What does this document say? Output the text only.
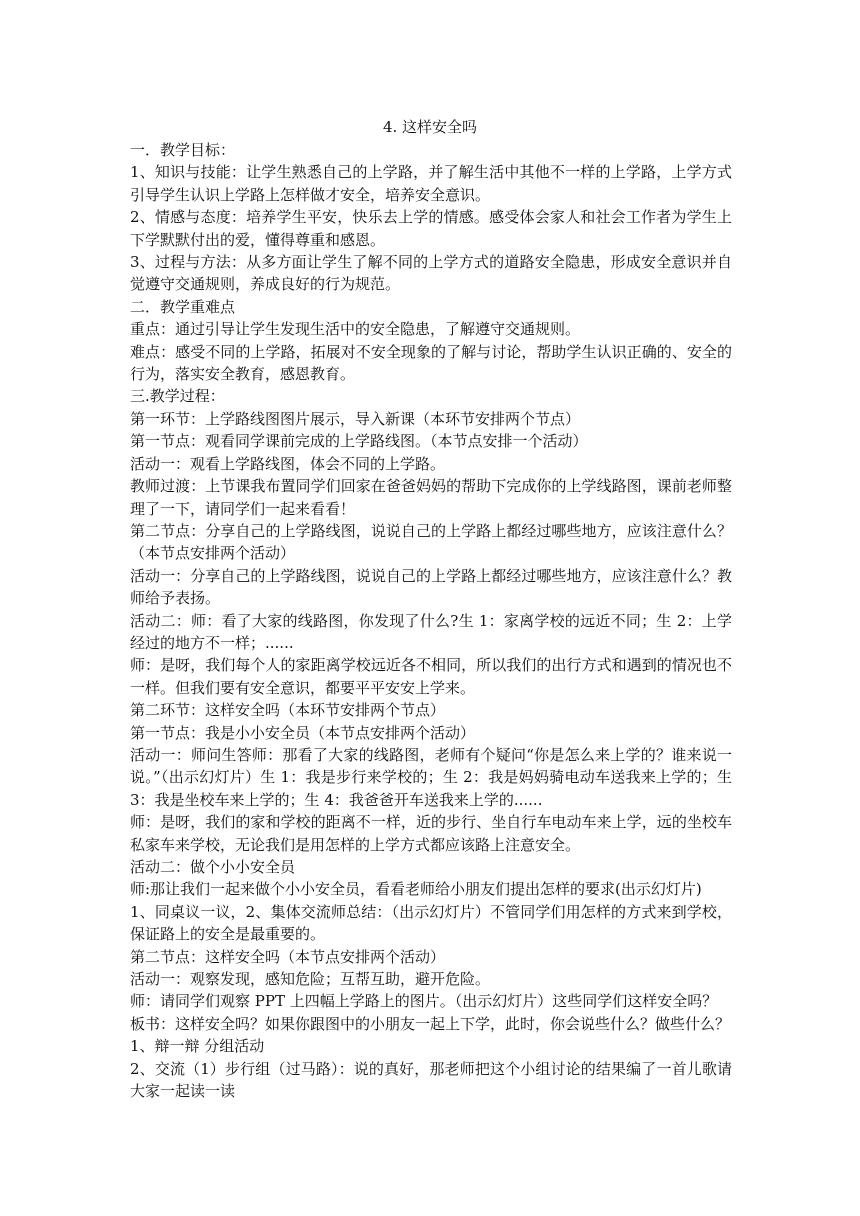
4. 这样安全吗

一．教学目标：

1、知识与技能：让学生熟悉自己的上学路，并了解生活中其他不一样的上学路，上学方式引导学生认识上学路上怎样做才安全，培养安全意识。

2、情感与态度：培养学生平安，快乐去上学的情感。感受体会家人和社会工作者为学生上下学默默付出的爱，懂得尊重和感恩。

3、过程与方法：从多方面让学生了解不同的上学方式的道路安全隐患，形成安全意识并自觉遵守交通规则，养成良好的行为规范。

二．教学重难点

重点：通过引导让学生发现生活中的安全隐患，了解遵守交通规则。

难点：感受不同的上学路，拓展对不安全现象的了解与讨论，帮助学生认识正确的、安全的行为，落实安全教育，感恩教育。

三.教学过程：

第一环节：上学路线图图片展示，导入新课（本环节安排两个节点）

第一节点：观看同学课前完成的上学路线图。（本节点安排一个活动）

活动一：观看上学路线图，体会不同的上学路。

教师过渡：上节课我布置同学们回家在爸爸妈妈的帮助下完成你的上学线路图，课前老师整理了一下，请同学们一起来看看！

第二节点：分享自己的上学路线图，说说自己的上学路上都经过哪些地方，应该注意什么？（本节点安排两个活动）

活动一：分享自己的上学路线图，说说自己的上学路上都经过哪些地方，应该注意什么？教师给予表扬。

活动二：师：看了大家的线路图，你发现了什么?生 1：家离学校的远近不同；生 2：上学经过的地方不一样；......

师：是呀，我们每个人的家距离学校远近各不相同，所以我们的出行方式和遇到的情况也不一样。但我们要有安全意识，都要平平安安上学来。

第二环节：这样安全吗（本环节安排两个节点）

第一节点：我是小小安全员（本节点安排两个活动）

活动一：师问生答师：那看了大家的线路图，老师有个疑问“你是怎么来上学的？谁来说一说。”（出示幻灯片）生 1：我是步行来学校的；生 2：我是妈妈骑电动车送我来上学的；生 3：我是坐校车来上学的；生 4：我爸爸开车送我来上学的......

师：是呀，我们的家和学校的距离不一样，近的步行、坐自行车电动车来上学，远的坐校车私家车来学校，无论我们是用怎样的上学方式都应该路上注意安全。

活动二：做个小小安全员

师:那让我们一起来做个小小安全员，看看老师给小朋友们提出怎样的要求(出示幻灯片)

1、同桌议一议，2、集体交流师总结：（出示幻灯片）不管同学们用怎样的方式来到学校，保证路上的安全是最重要的。

第二节点：这样安全吗（本节点安排两个活动）

活动一：观察发现，感知危险；互帮互助，避开危险。

师：请同学们观察 PPT 上四幅上学路上的图片。（出示幻灯片）这些同学们这样安全吗？

板书：这样安全吗？如果你跟图中的小朋友一起上下学，此时，你会说些什么？做些什么？

1、辩一辩 分组活动

2、交流（1）步行组（过马路）：说的真好，那老师把这个小组讨论的结果编了一首儿歌请大家一起读一读
